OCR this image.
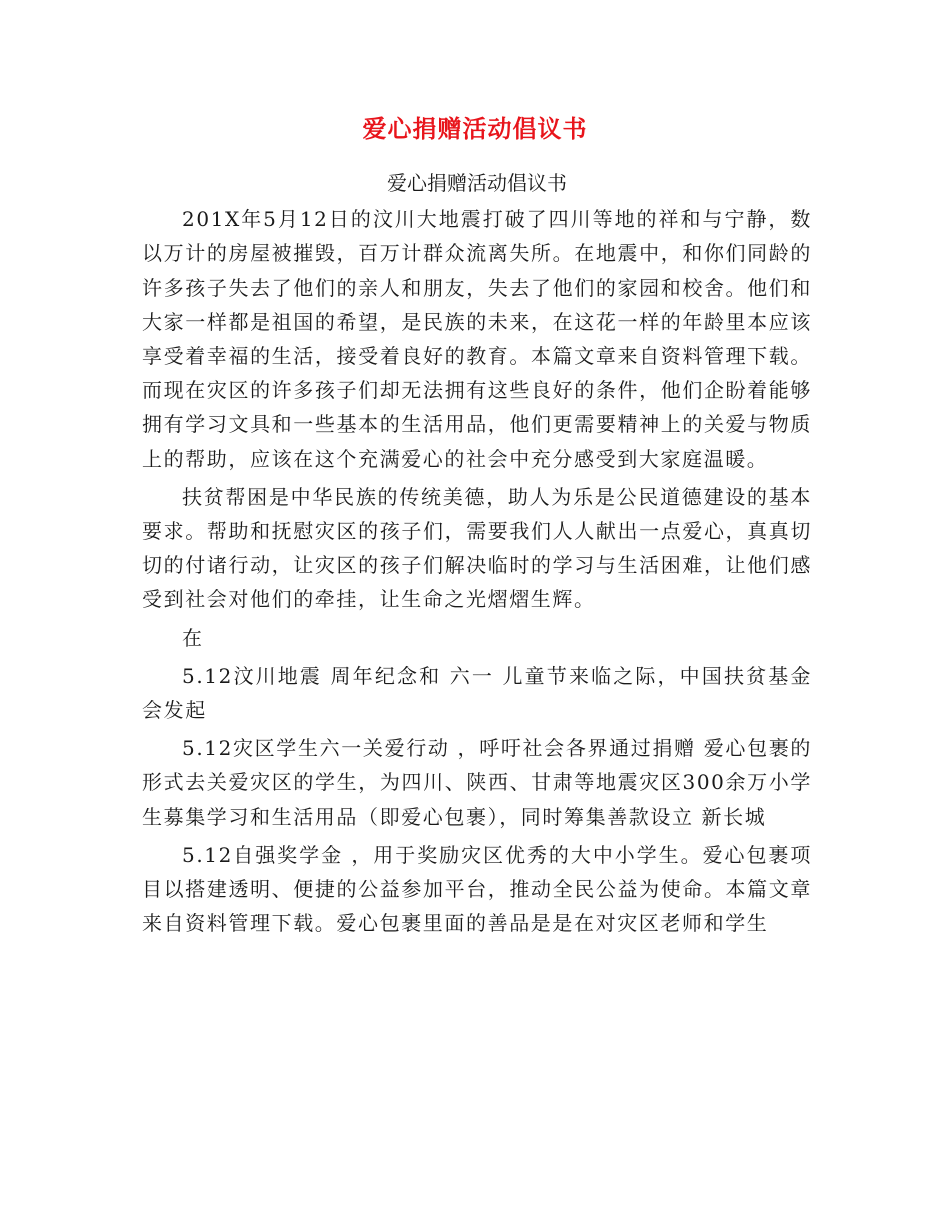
爱心捐赠活动倡议书
爱心捐赠活动倡议书

201X年5月12日的汶川大地震打破了四川等地的祥和与宁静，数以万计的房屋被摧毁，百万计群众流离失所。在地震中，和你们同龄的许多孩子失去了他们的亲人和朋友，失去了他们的家园和校舍。他们和大家一样都是祖国的希望，是民族的未来，在这花一样的年龄里本应该享受着幸福的生活，接受着良好的教育。本篇文章来自资料管理下载。而现在灾区的许多孩子们却无法拥有这些良好的条件，他们企盼着能够拥有学习文具和一些基本的生活用品，他们更需要精神上的关爱与物质上的帮助，应该在这个充满爱心的社会中充分感受到大家庭温暖。

扶贫帮困是中华民族的传统美德，助人为乐是公民道德建设的基本要求。帮助和抚慰灾区的孩子们，需要我们人人献出一点爱心，真真切切的付诸行动，让灾区的孩子们解决临时的学习与生活困难，让他们感受到社会对他们的牵挂，让生命之光熠熠生辉。

在

5.12汶川地震 周年纪念和 六一 儿童节来临之际，中国扶贫基金会发起

5.12灾区学生六一关爱行动 ，呼吁社会各界通过捐赠 爱心包裹的形式去关爱灾区的学生，为四川、陕西、甘肃等地震灾区300余万小学生募集学习和生活用品（即爱心包裹），同时筹集善款设立 新长城

5.12自强奖学金 ，用于奖励灾区优秀的大中小学生。爱心包裹项目以搭建透明、便捷的公益参加平台，推动全民公益为使命。本篇文章来自资料管理下载。爱心包裹里面的善品是是在对灾区老师和学生
